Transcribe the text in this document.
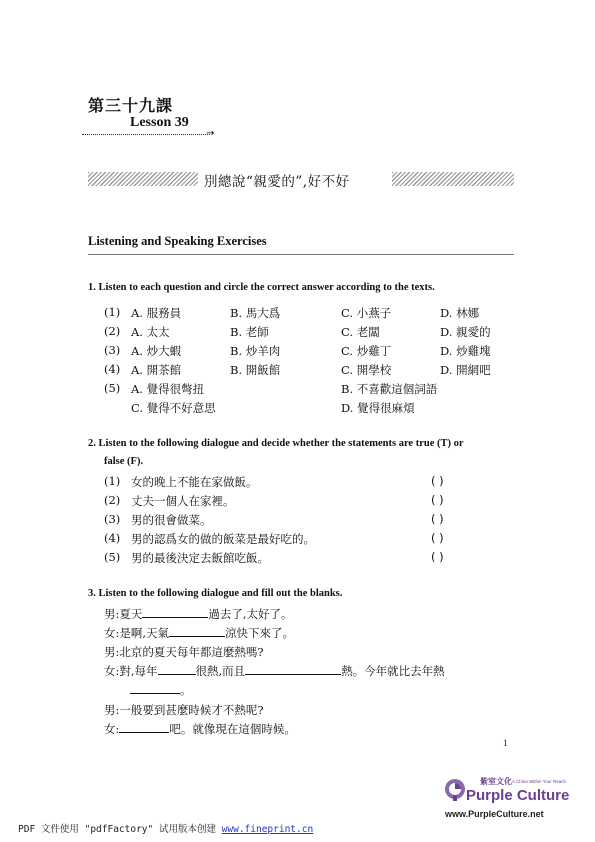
第三十九課
Lesson 39
→
別總說“親愛的”,好不好
Listening and Speaking Exercises
1. Listen to each question and circle the correct answer according to the texts.
(1) A. 服務員	B. 馬大爲	C. 小燕子	D. 林娜
(2) A. 太太	B. 老師	C. 老闆	D. 親愛的
(3) A. 炒大蝦	B. 炒羊肉	C. 炒雞丁	D. 炒雞塊
(4) A. 開茶館	B. 開飯館	C. 開學校	D. 開網吧
(5) A. 覺得很彆扭	B. 不喜歡這個詞語
C. 覺得不好意思	D. 覺得很麻煩
2. Listen to the following dialogue and decide whether the statements are true (T) or
false (F).
(1) 女的晚上不能在家做飯。	( )
(2) 丈夫一個人在家裡。	( )
(3) 男的很會做菜。	( )
(4) 男的認爲女的做的飯菜是最好吃的。	( )
(5) 男的最後決定去飯館吃飯。	( )
3. Listen to the following dialogue and fill out the blanks.
男:夏天	過去了,太好了。
女:是啊,天氣	涼快下來了。
男:北京的夏天每年都這麼熱嗎?
女:對,每年	很熱,而且	熱。今年就比去年熱
。
男:一般要到甚麼時候才不熱呢?
女:	吧。就像現在這個時候。
1
紫室文化 A China Within Your Reach
Purple Culture
www.PurpleCulture.net
PDF 文件使用 "pdfFactory" 试用版本创建 www.fineprint.cn
